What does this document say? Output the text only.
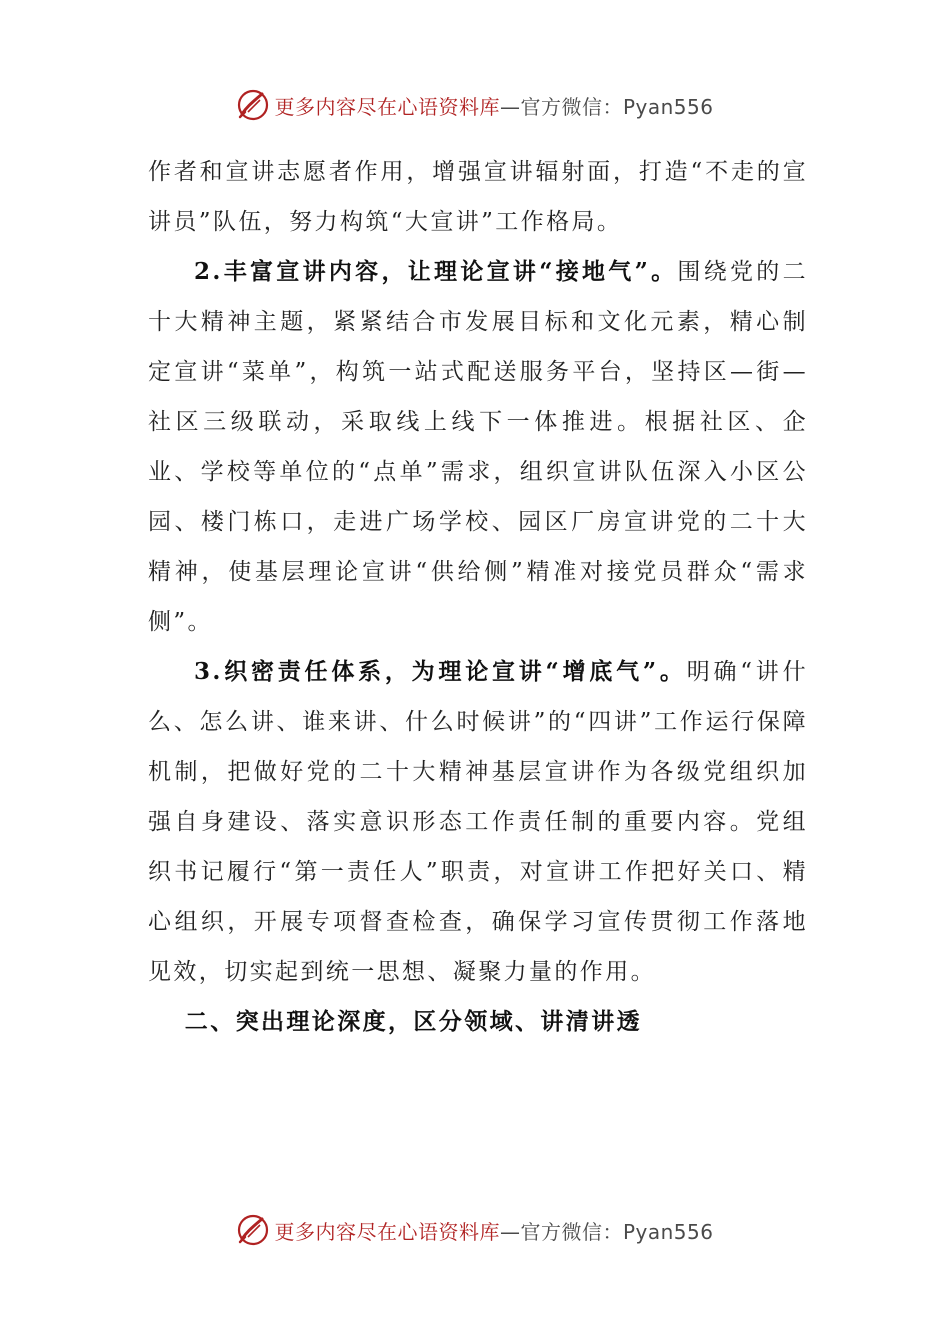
更多内容尽在心语资料库 —官方微信：Pyan556

作者和宣讲志愿者作用，增强宣讲辐射面，打造“不走的宣讲员”队伍，努力构筑“大宣讲”工作格局。

2.丰富宣讲内容，让理论宣讲“接地气”。围绕党的二十大精神主题，紧紧结合市发展目标和文化元素，精心制定宣讲“菜单”，构筑一站式配送服务平台，坚持区—街—社区三级联动，采取线上线下一体推进。根据社区、企业、学校等单位的“点单”需求，组织宣讲队伍深入小区公园、楼门栋口，走进广场学校、园区厂房宣讲党的二十大精神，使基层理论宣讲“供给侧”精准对接党员群众“需求侧”。

3.织密责任体系，为理论宣讲“增底气”。明确“讲什么、怎么讲、谁来讲、什么时候讲”的“四讲”工作运行保障机制，把做好党的二十大精神基层宣讲作为各级党组织加强自身建设、落实意识形态工作责任制的重要内容。党组织书记履行“第一责任人”职责，对宣讲工作把好关口、精心组织，开展专项督查检查，确保学习宣传贯彻工作落地见效，切实起到统一思想、凝聚力量的作用。

二、突出理论深度，区分领域、讲清讲透

更多内容尽在心语资料库 —官方微信：Pyan556
